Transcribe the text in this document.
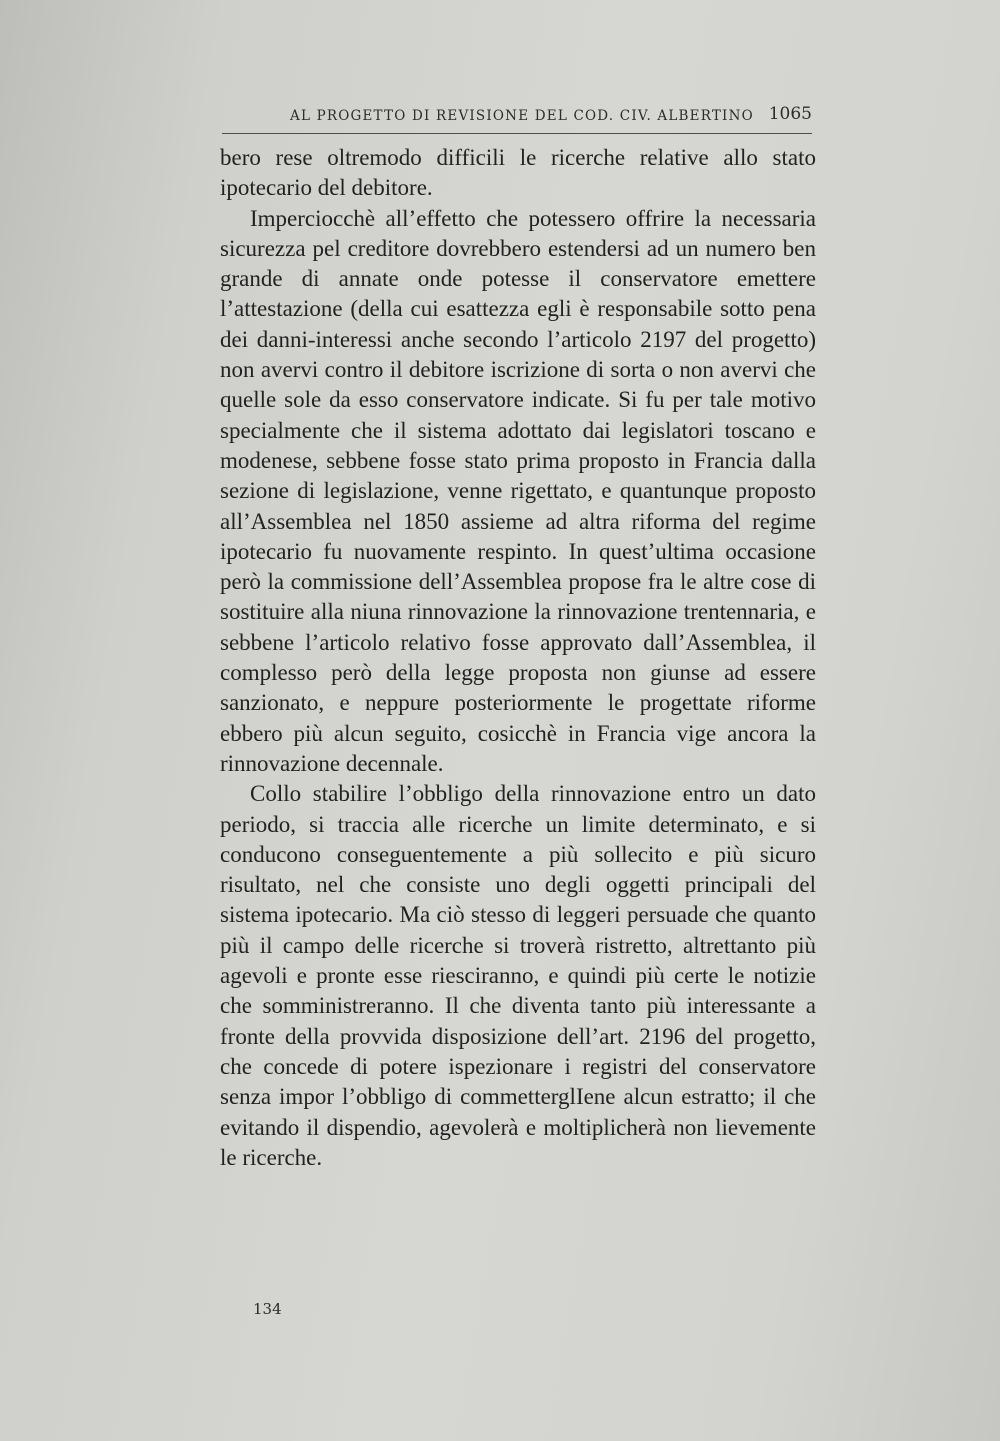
AL PROGETTO DI REVISIONE DEL COD. CIV. ALBERTINO 1065

bero rese oltremodo difficili le ricerche relative allo stato ipotecario del debitore.

Imperciocchè all’effetto che potessero offrire la necessaria sicurezza pel creditore dovrebbero estendersi ad un numero ben grande di annate onde potesse il conservatore emettere l’attestazione (della cui esattezza egli è responsabile sotto pena dei danni-interessi anche secondo l’articolo 2197 del progetto) non avervi contro il debitore iscrizione di sorta o non avervi che quelle sole da esso conservatore indicate. Si fu per tale motivo specialmente che il sistema adottato dai legislatori toscano e modenese, sebbene fosse stato prima proposto in Francia dalla sezione di legislazione, venne rigettato, e quantunque proposto all’Assemblea nel 1850 assieme ad altra riforma del regime ipotecario fu nuovamente respinto. In quest’ultima occasione però la commissione dell’Assemblea propose fra le altre cose di sostituire alla niuna rinnovazione la rinnovazione trentennaria, e sebbene l’articolo relativo fosse approvato dall’Assemblea, il complesso però della legge proposta non giunse ad essere sanzionato, e neppure posteriormente le progettate riforme ebbero più alcun seguito, cosicchè in Francia vige ancora la rinnovazione decennale.

Collo stabilire l’obbligo della rinnovazione entro un dato periodo, si traccia alle ricerche un limite determinato, e si conducono conseguentemente a più sollecito e più sicuro risultato, nel che consiste uno degli oggetti principali del sistema ipotecario. Ma ciò stesso di leggeri persuade che quanto più il campo delle ricerche si troverà ristretto, altrettanto più agevoli e pronte esse riesciranno, e quindi più certe le notizie che somministreranno. Il che diventa tanto più interessante a fronte della provvida disposizione dell’art. 2196 del progetto, che concede di potere ispezionare i registri del conservatore senza impor l’obbligo di commetterglIene alcun estratto; il che evitando il dispendio, agevolerà e moltiplicherà non lievemente le ricerche.

134
